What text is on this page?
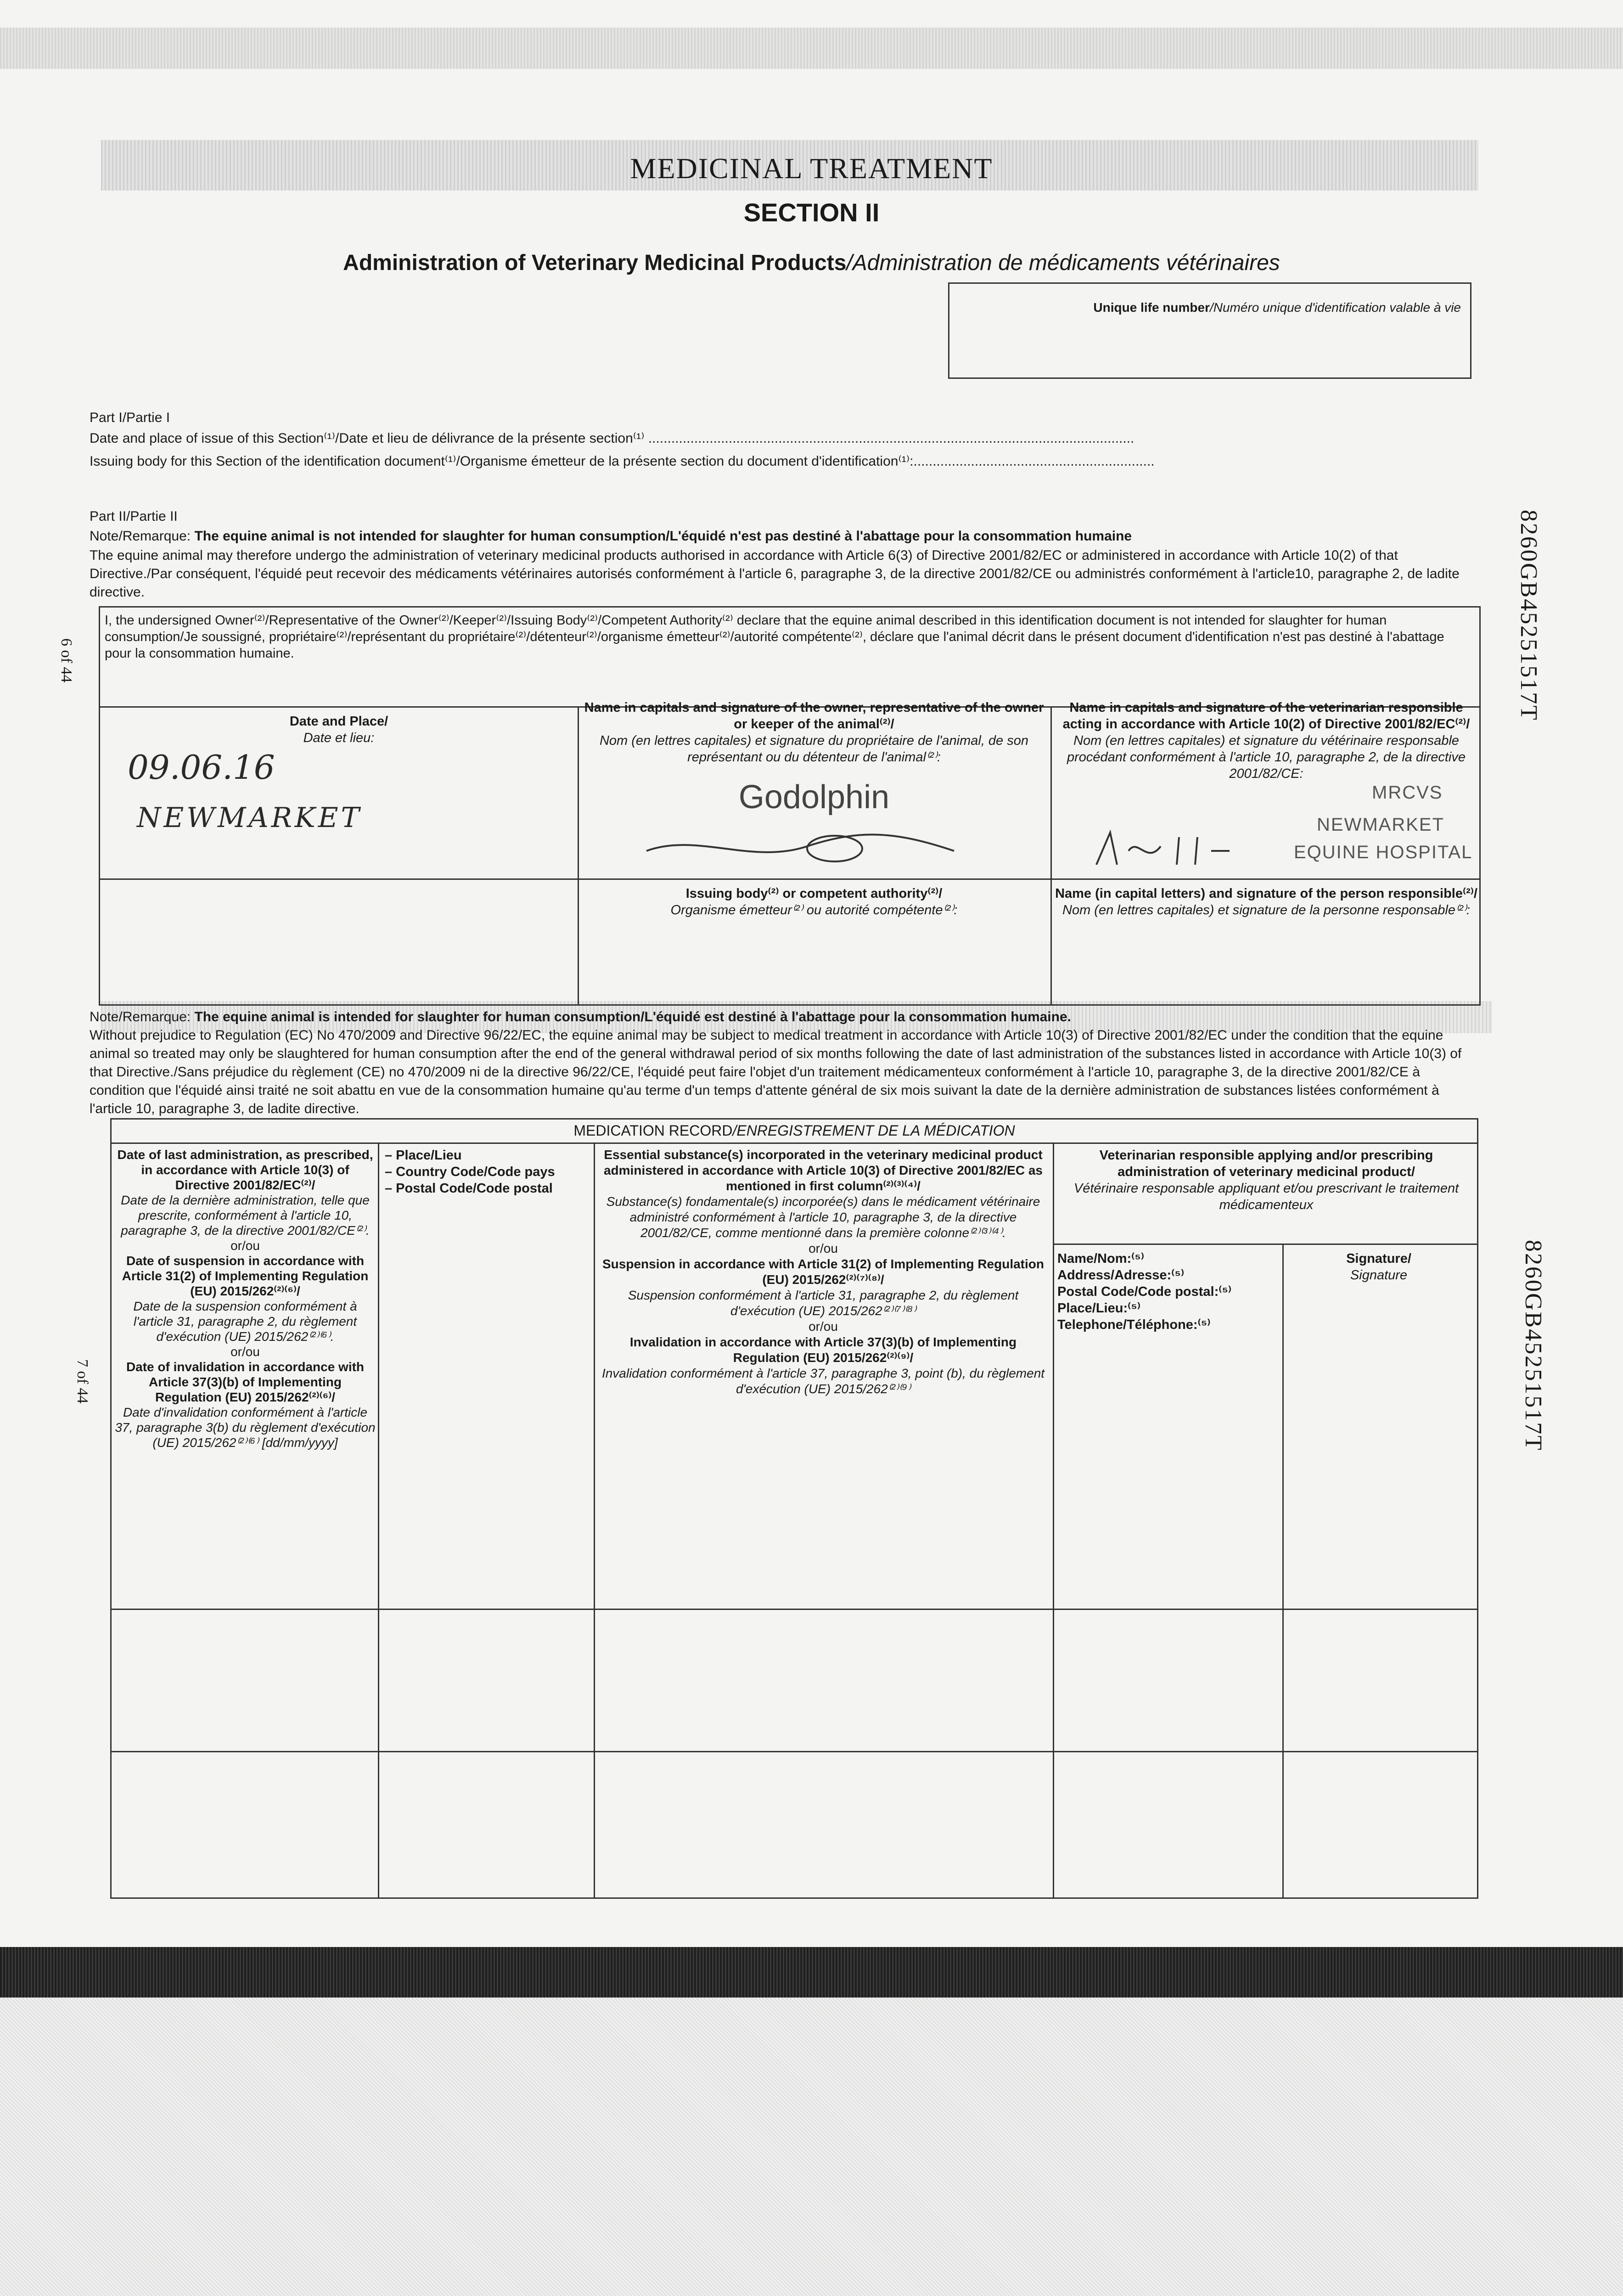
MEDICINAL TREATMENT
SECTION II
Administration of Veterinary Medicinal Products/Administration de médicaments vétérinaires
Unique life number/Numéro unique d'identification valable à vie
Part I/Partie I
Date and place of issue of this Section⁽¹⁾/Date et lieu de délivrance de la présente section⁽¹⁾ ...............................................................................................................................
Issuing body for this Section of the identification document⁽¹⁾/Organisme émetteur de la présente section du document d'identification⁽¹⁾:...............................................................
Part II/Partie II
Note/Remarque: The equine animal is not intended for slaughter for human consumption/L'équidé n'est pas destiné à l'abattage pour la consommation humaine
The equine animal may therefore undergo the administration of veterinary medicinal products authorised in accordance with Article 6(3) of Directive 2001/82/EC or administered in accordance with Article 10(2) of that Directive./Par conséquent, l'équidé peut recevoir des médicaments vétérinaires autorisés conformément à l'article 6, paragraphe 3, de la directive 2001/82/CE ou administrés conformément à l'article10, paragraphe 2, de ladite directive.
I, the undersigned Owner⁽²⁾/Representative of the Owner⁽²⁾/Keeper⁽²⁾/Issuing Body⁽²⁾/Competent Authority⁽²⁾ declare that the equine animal described in this identification document is not intended for slaughter for human consumption/Je soussigné, propriétaire⁽²⁾/représentant du propriétaire⁽²⁾/détenteur⁽²⁾/organisme émetteur⁽²⁾/autorité compétente⁽²⁾, déclare que l'animal décrit dans le présent document d'identification n'est pas destiné à l'abattage pour la consommation humaine.
Date and Place/
Date et lieu:
09.06.16
NEWMARKET
Name in capitals and signature of the owner, representative of the owner or keeper of the animal⁽²⁾/
Nom (en lettres capitales) et signature du propriétaire de l'animal, de son représentant ou du détenteur de l'animal⁽²⁾:
Godolphin
Name in capitals and signature of the veterinarian responsible acting in accordance with Article 10(2) of Directive 2001/82/EC⁽²⁾/
Nom (en lettres capitales) et signature du vétérinaire responsable procédant conformément à l'article 10, paragraphe 2, de la directive 2001/82/CE:
MRCVS
NEWMARKET
EQUINE HOSPITAL
Issuing body⁽²⁾ or competent authority⁽²⁾/
Organisme émetteur⁽²⁾ ou autorité compétente⁽²⁾:
Name (in capital letters) and signature of the person responsible⁽²⁾/
Nom (en lettres capitales) et signature de la personne responsable⁽²⁾:
Note/Remarque: The equine animal is intended for slaughter for human consumption/L'équidé est destiné à l'abattage pour la consommation humaine.
Without prejudice to Regulation (EC) No 470/2009 and Directive 96/22/EC, the equine animal may be subject to medical treatment in accordance with Article 10(3) of Directive 2001/82/EC under the condition that the equine animal so treated may only be slaughtered for human consumption after the end of the general withdrawal period of six months following the date of last administration of the substances listed in accordance with Article 10(3) of that Directive./Sans préjudice du règlement (CE) no 470/2009 ni de la directive 96/22/CE, l'équidé peut faire l'objet d'un traitement médicamenteux conformément à l'article 10, paragraphe 3, de la directive 2001/82/CE à condition que l'équidé ainsi traité ne soit abattu en vue de la consommation humaine qu'au terme d'un temps d'attente général de six mois suivant la date de la dernière administration de substances listées conformément à l'article 10, paragraphe 3, de ladite directive.
MEDICATION RECORD/ENREGISTREMENT DE LA MÉDICATION
Date of last administration, as prescribed, in accordance with Article 10(3) of Directive 2001/82/EC⁽²⁾/
Date de la dernière administration, telle que prescrite, conformément à l'article 10, paragraphe 3, de la directive 2001/82/CE⁽²⁾.
or/ou
Date of suspension in accordance with Article 31(2) of Implementing Regulation (EU) 2015/262⁽²⁾⁽⁶⁾/
Date de la suspension conformément à l'article 31, paragraphe 2, du règlement d'exécution (UE) 2015/262⁽²⁾⁽⁶⁾.
or/ou
Date of invalidation in accordance with Article 37(3)(b) of Implementing Regulation (EU) 2015/262⁽²⁾⁽⁶⁾/
Date d'invalidation conformément à l'article 37, paragraphe 3(b) du règlement d'exécution (UE) 2015/262⁽²⁾⁽⁶⁾ [dd/mm/yyyy]
– Place/Lieu
– Country Code/Code pays
– Postal Code/Code postal
Essential substance(s) incorporated in the veterinary medicinal product administered in accordance with Article 10(3) of Directive 2001/82/EC as mentioned in first column⁽²⁾⁽³⁾⁽⁴⁾/
Substance(s) fondamentale(s) incorporée(s) dans le médicament vétérinaire administré conformément à l'article 10, paragraphe 3, de la directive 2001/82/CE, comme mentionné dans la première colonne⁽²⁾⁽³⁾⁽⁴⁾.
or/ou
Suspension in accordance with Article 31(2) of Implementing Regulation (EU) 2015/262⁽²⁾⁽⁷⁾⁽⁸⁾/
Suspension conformément à l'article 31, paragraphe 2, du règlement d'exécution (UE) 2015/262⁽²⁾⁽⁷⁾⁽⁸⁾
or/ou
Invalidation in accordance with Article 37(3)(b) of Implementing Regulation (EU) 2015/262⁽²⁾⁽⁹⁾/
Invalidation conformément à l'article 37, paragraphe 3, point (b), du règlement d'exécution (UE) 2015/262⁽²⁾⁽⁹⁾
Veterinarian responsible applying and/or prescribing administration of veterinary medicinal product/
Vétérinaire responsable appliquant et/ou prescrivant le traitement médicamenteux
Name/Nom:⁽⁵⁾
Address/Adresse:⁽⁵⁾
Postal Code/Code postal:⁽⁵⁾
Place/Lieu:⁽⁵⁾
Telephone/Téléphone:⁽⁵⁾
Signature/
Signature
8260GB45251517T
8260GB45251517T
6 of 44
7 of 44
